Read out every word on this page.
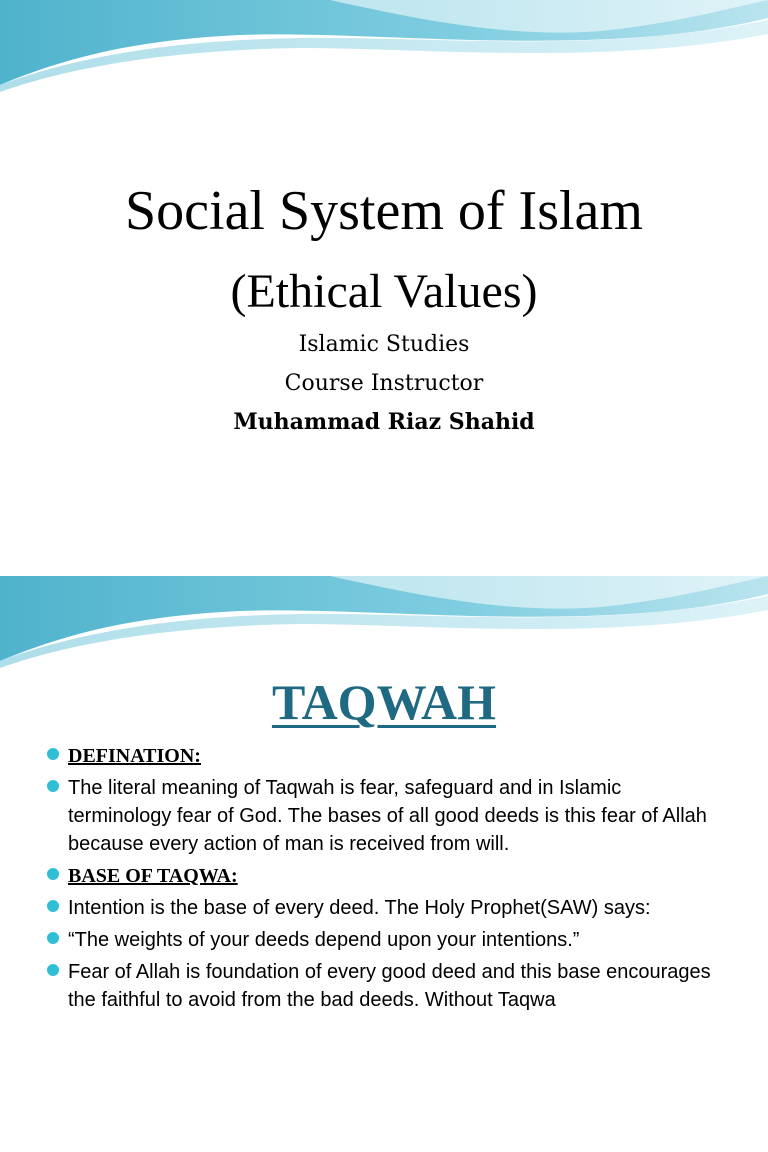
Social System of Islam
(Ethical Values)
Islamic Studies
Course Instructor
Muhammad Riaz Shahid
TAQWAH
DEFINATION:
The literal meaning of Taqwah is fear, safeguard and in Islamic terminology fear of God. The bases of all good deeds is this fear of Allah because every action of man is received from will.
BASE OF TAQWA:
Intention is the base of every deed. The Holy Prophet(SAW) says:
“The weights of your deeds depend upon your intentions.”
Fear of Allah is foundation of every good deed and this base encourages the faithful to avoid from the bad deeds. Without Taqwa
